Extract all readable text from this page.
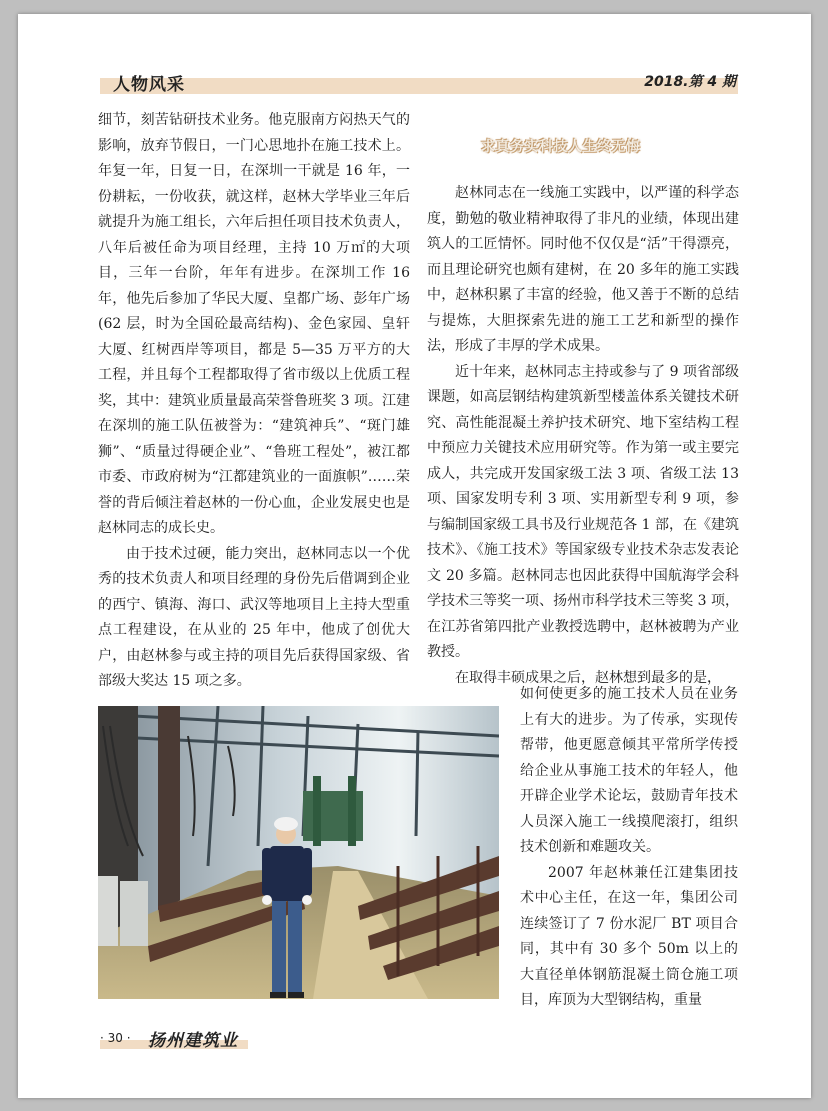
人物风采	2018.第 4 期

细节，刻苦钻研技术业务。他克服南方闷热天气的影响，放弃节假日，一门心思地扑在施工技术上。年复一年，日复一日，在深圳一干就是 16 年，一份耕耘，一份收获，就这样，赵林大学毕业三年后就提升为施工组长，六年后担任项目技术负责人，八年后被任命为项目经理，主持 10 万㎡的大项目，三年一台阶，年年有进步。在深圳工作 16 年，他先后参加了华民大厦、皇都广场、彭年广场(62 层，时为全国砼最高结构)、金色家园、皇轩大厦、红树西岸等项目，都是 5—35 万平方的大工程，并且每个工程都取得了省市级以上优质工程奖，其中：建筑业质量最高荣誉鲁班奖 3 项。江建在深圳的施工队伍被誉为：“建筑神兵”、“斑门雄狮”、“质量过得硬企业”、“鲁班工程处”，被江都市委、市政府树为“江都建筑业的一面旗帜”……荣誉的背后倾注着赵林的一份心血，企业发展史也是赵林同志的成长史。

由于技术过硬，能力突出，赵林同志以一个优秀的技术负责人和项目经理的身份先后借调到企业的西宁、镇海、海口、武汉等地项目上主持大型重点工程建设，在从业的 25 年中，他成了创优大户，由赵林参与或主持的项目先后获得国家级、省部级大奖达 15 项之多。

求真务实科技人生终无悔

赵林同志在一线施工实践中，以严谨的科学态度，勤勉的敬业精神取得了非凡的业绩，体现出建筑人的工匠情怀。同时他不仅仅是“活”干得漂亮，而且理论研究也颇有建树，在 20 多年的施工实践中，赵林积累了丰富的经验，他又善于不断的总结与提炼，大胆探索先进的施工工艺和新型的操作法，形成了丰厚的学术成果。

近十年来，赵林同志主持或参与了 9 项省部级课题，如高层钢结构建筑新型楼盖体系关键技术研究、高性能混凝土养护技术研究、地下室结构工程中预应力关键技术应用研究等。作为第一或主要完成人，共完成开发国家级工法 3 项、省级工法 13 项、国家发明专利 3 项、实用新型专利 9 项，参与编制国家级工具书及行业规范各 1 部，在《建筑技术》、《施工技术》等国家级专业技术杂志发表论文 20 多篇。赵林同志也因此获得中国航海学会科学技术三等奖一项、扬州市科学技术三等奖 3 项，在江苏省第四批产业教授选聘中，赵林被聘为产业教授。

在取得丰硕成果之后，赵林想到最多的是，

如何使更多的施工技术人员在业务上有大的进步。为了传承，实现传帮带，他更愿意倾其平常所学传授给企业从事施工技术的年轻人，他开辟企业学术论坛，鼓励青年技术人员深入施工一线摸爬滚打，组织技术创新和难题攻关。

2007 年赵林兼任江建集团技术中心主任，在这一年，集团公司连续签订了 7 份水泥厂 BT 项目合同，其中有 30 多个 50m 以上的大直径单体钢筋混凝土筒仓施工项目，库顶为大型钢结构，重量

· 30 · 扬州建筑业
